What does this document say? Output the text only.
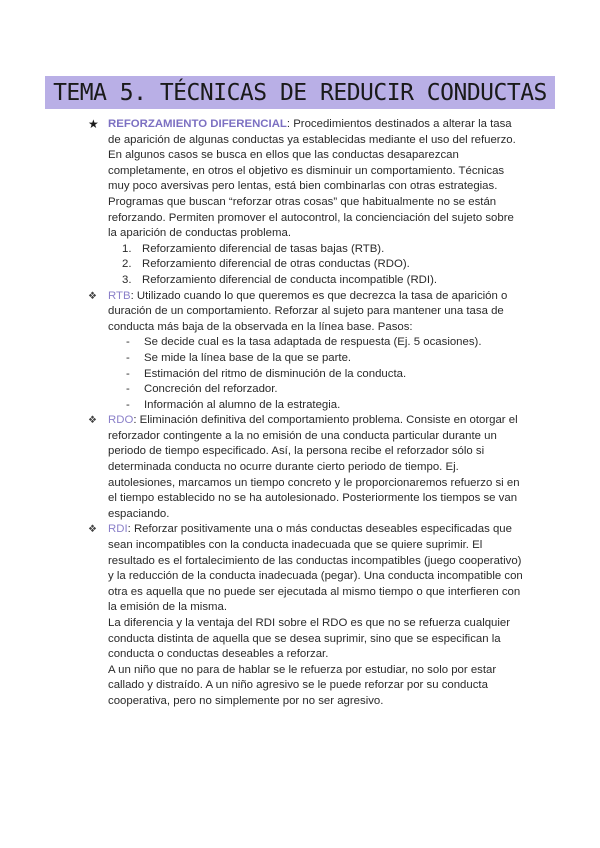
TEMA 5. TÉCNICAS DE REDUCIR CONDUCTAS
★ REFORZAMIENTO DIFERENCIAL: Procedimientos destinados a alterar la tasa de aparición de algunas conductas ya establecidas mediante el uso del refuerzo. En algunos casos se busca en ellos que las conductas desaparezcan completamente, en otros el objetivo es disminuir un comportamiento. Técnicas muy poco aversivas pero lentas, está bien combinarlas con otras estrategias. Programas que buscan “reforzar otras cosas” que habitualmente no se están reforzando. Permiten promover el autocontrol, la concienciación del sujeto sobre la aparición de conductas problema.

1. Reforzamiento diferencial de tasas bajas (RTB).
2. Reforzamiento diferencial de otras conductas (RDO).
3. Reforzamiento diferencial de conducta incompatible (RDI).
❖ RTB: Utilizado cuando lo que queremos es que decrezca la tasa de aparición o duración de un comportamiento. Reforzar al sujeto para mantener una tasa de conducta más baja de la observada en la línea base. Pasos:

- Se decide cual es la tasa adaptada de respuesta (Ej. 5 ocasiones).
- Se mide la línea base de la que se parte.
- Estimación del ritmo de disminución de la conducta.
- Concreción del reforzador.
- Información al alumno de la estrategia.
❖ RDO: Eliminación definitiva del comportamiento problema. Consiste en otorgar el reforzador contingente a la no emisión de una conducta particular durante un periodo de tiempo especificado. Así, la persona recibe el reforzador sólo si determinada conducta no ocurre durante cierto periodo de tiempo. Ej. autolesiones, marcamos un tiempo concreto y le proporcionaremos refuerzo si en el tiempo establecido no se ha autolesionado. Posteriormente los tiempos se van espaciando.

❖ RDI: Reforzar positivamente una o más conductas deseables especificadas que sean incompatibles con la conducta inadecuada que se quiere suprimir. El resultado es el fortalecimiento de las conductas incompatibles (juego cooperativo) y la reducción de la conducta inadecuada (pegar). Una conducta incompatible con otra es aquella que no puede ser ejecutada al mismo tiempo o que interfieren con la emisión de la misma.

La diferencia y la ventaja del RDI sobre el RDO es que no se refuerza cualquier conducta distinta de aquella que se desea suprimir, sino que se especifican la conducta o conductas deseables a reforzar.

A un niño que no para de hablar se le refuerza por estudiar, no solo por estar callado y distraído. A un niño agresivo se le puede reforzar por su conducta cooperativa, pero no simplemente por no ser agresivo.
